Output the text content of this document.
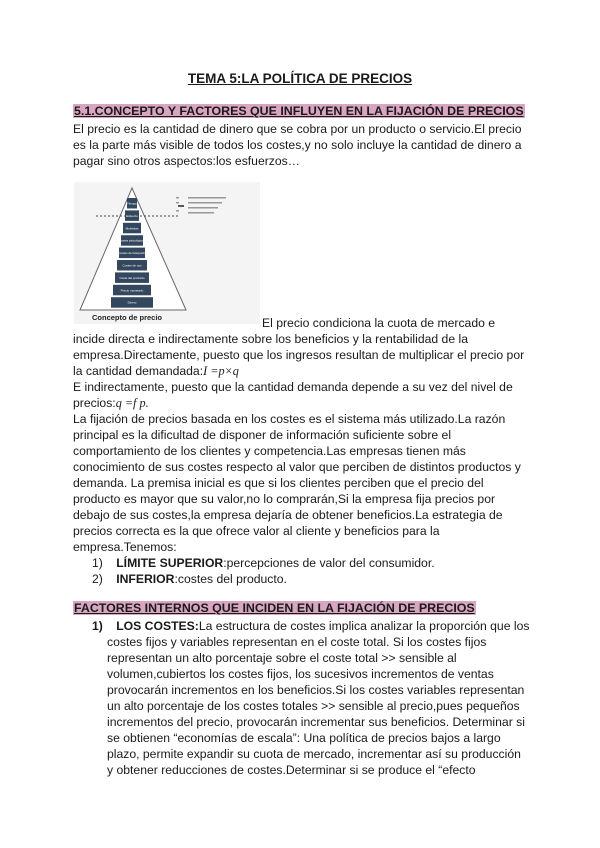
TEMA 5:LA POLÍTICA DE PRECIOS
5.1.CONCEPTO Y FACTORES QUE INFLUYEN EN LA FIJACIÓN DE PRECIOS
El precio es la cantidad de dinero que se cobra por un producto o servicio.El precio
es la parte más visible de todos los costes,y no solo incluye la cantidad de dinero a
pagar sino otros aspectos:los esfuerzos…
Tiempo
Esfuerzo
Molestias
Costes psicológicos
Costes de búsqueda
Costes de uso
Coste del producto
Precio monetario
Dinero
Concepto de precio	El precio condiciona la cuota de mercado e
incide directa e indirectamente sobre los beneficios y la rentabilidad de la
empresa.Directamente, puesto que los ingresos resultan de multiplicar el precio por
la cantidad demandada:I =p×q
E indirectamente, puesto que la cantidad demanda depende a su vez del nivel de
precios:q =f p.
La fijación de precios basada en los costes es el sistema más utilizado.La razón
principal es la dificultad de disponer de información suficiente sobre el
comportamiento de los clientes y competencia.Las empresas tienen más
conocimiento de sus costes respecto al valor que perciben de distintos productos y
demanda. La premisa inicial es que si los clientes perciben que el precio del
producto es mayor que su valor,no lo comprarán,Si la empresa fija precios por
debajo de sus costes,la empresa dejaría de obtener beneficios.La estrategia de
precios correcta es la que ofrece valor al cliente y beneficios para la
empresa.Tenemos:
1) LÍMITE SUPERIOR:percepciones de valor del consumidor.
2) INFERIOR:costes del producto.
FACTORES INTERNOS QUE INCIDEN EN LA FIJACIÓN DE PRECIOS
1) LOS COSTES:La estructura de costes implica analizar la proporción que los
costes fijos y variables representan en el coste total. Si los costes fijos
representan un alto porcentaje sobre el coste total >> sensible al
volumen,cubiertos los costes fijos, los sucesivos incrementos de ventas
provocarán incrementos en los beneficios.Si los costes variables representan
un alto porcentaje de los costes totales >> sensible al precio,pues pequeños
incrementos del precio, provocarán incrementar sus beneficios. Determinar si
se obtienen “economías de escala”: Una política de precios bajos a largo
plazo, permite expandir su cuota de mercado, incrementar así su producción
y obtener reducciones de costes.Determinar si se produce el “efecto
